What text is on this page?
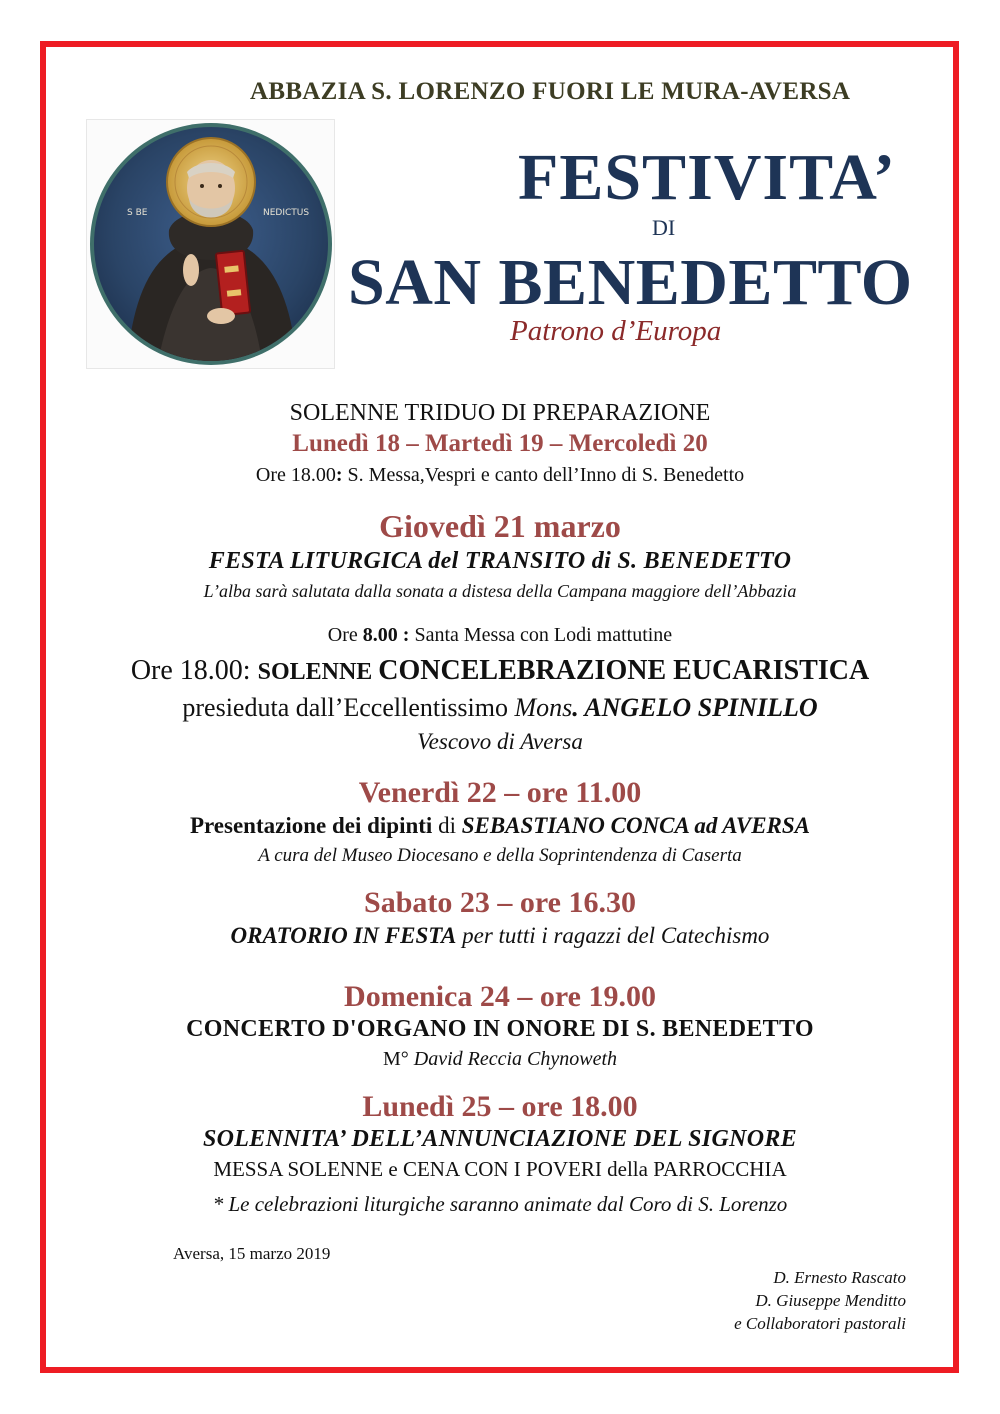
ABBAZIA S. LORENZO FUORI LE MURA-AVERSA
S BE	NEDICTUS	FESTIVITA’
DI
SAN BENEDETTO
Patrono d’Europa
SOLENNE TRIDUO DI PREPARAZIONE
Lunedì 18 – Martedì 19 – Mercoledì 20
Ore 18.00: S. Messa,Vespri e canto dell’Inno di S. Benedetto
Giovedì 21 marzo
FESTA LITURGICA del TRANSITO di S. BENEDETTO
L’alba sarà salutata dalla sonata a distesa della Campana maggiore dell’Abbazia
Ore 8.00 : Santa Messa con Lodi mattutine
Ore 18.00: SOLENNE CONCELEBRAZIONE EUCARISTICA
presieduta dall’Eccellentissimo Mons. ANGELO SPINILLO
Vescovo di Aversa
Venerdì 22 – ore 11.00
Presentazione dei dipinti di SEBASTIANO CONCA ad AVERSA
A cura del Museo Diocesano e della Soprintendenza di Caserta
Sabato 23 – ore 16.30
ORATORIO IN FESTA per tutti i ragazzi del Catechismo
Domenica 24 – ore 19.00
CONCERTO D'ORGANO IN ONORE DI S. BENEDETTO
M° David Reccia Chynoweth
Lunedì 25 – ore 18.00
SOLENNITA’ DELL’ANNUNCIAZIONE DEL SIGNORE
MESSA SOLENNE e CENA CON I POVERI della PARROCCHIA
* Le celebrazioni liturgiche saranno animate dal Coro di S. Lorenzo
Aversa, 15 marzo 2019
D. Ernesto Rascato
D. Giuseppe Menditto
e Collaboratori pastorali
